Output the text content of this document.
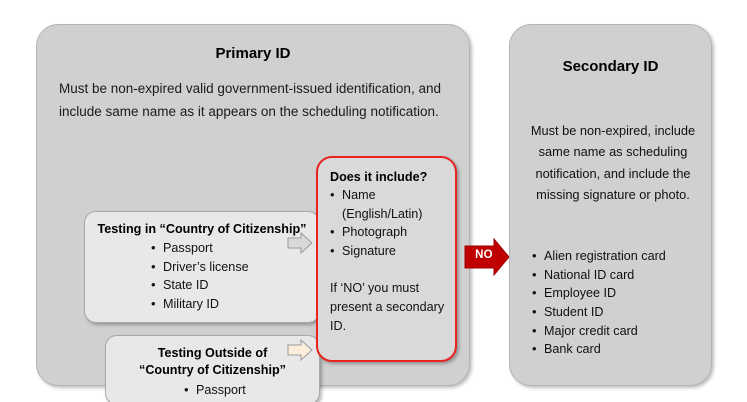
Primary ID
Must be non-expired valid government-issued identification, and include same name as it appears on the scheduling notification.
Testing in “Country of Citizenship”
• Passport
• Driver’s license
• State ID
• Military ID
Testing Outside of
“Country of Citizenship”
• Passport
Does it include?
• Name
(English/Latin)
• Photograph
• Signature
If ‘NO’ you must present a secondary ID.
NO
Secondary ID
Must be non-expired, include same name as scheduling notification, and include the missing signature or photo.
• Alien registration card
• National ID card
• Employee ID
• Student ID
• Major credit card
• Bank card
